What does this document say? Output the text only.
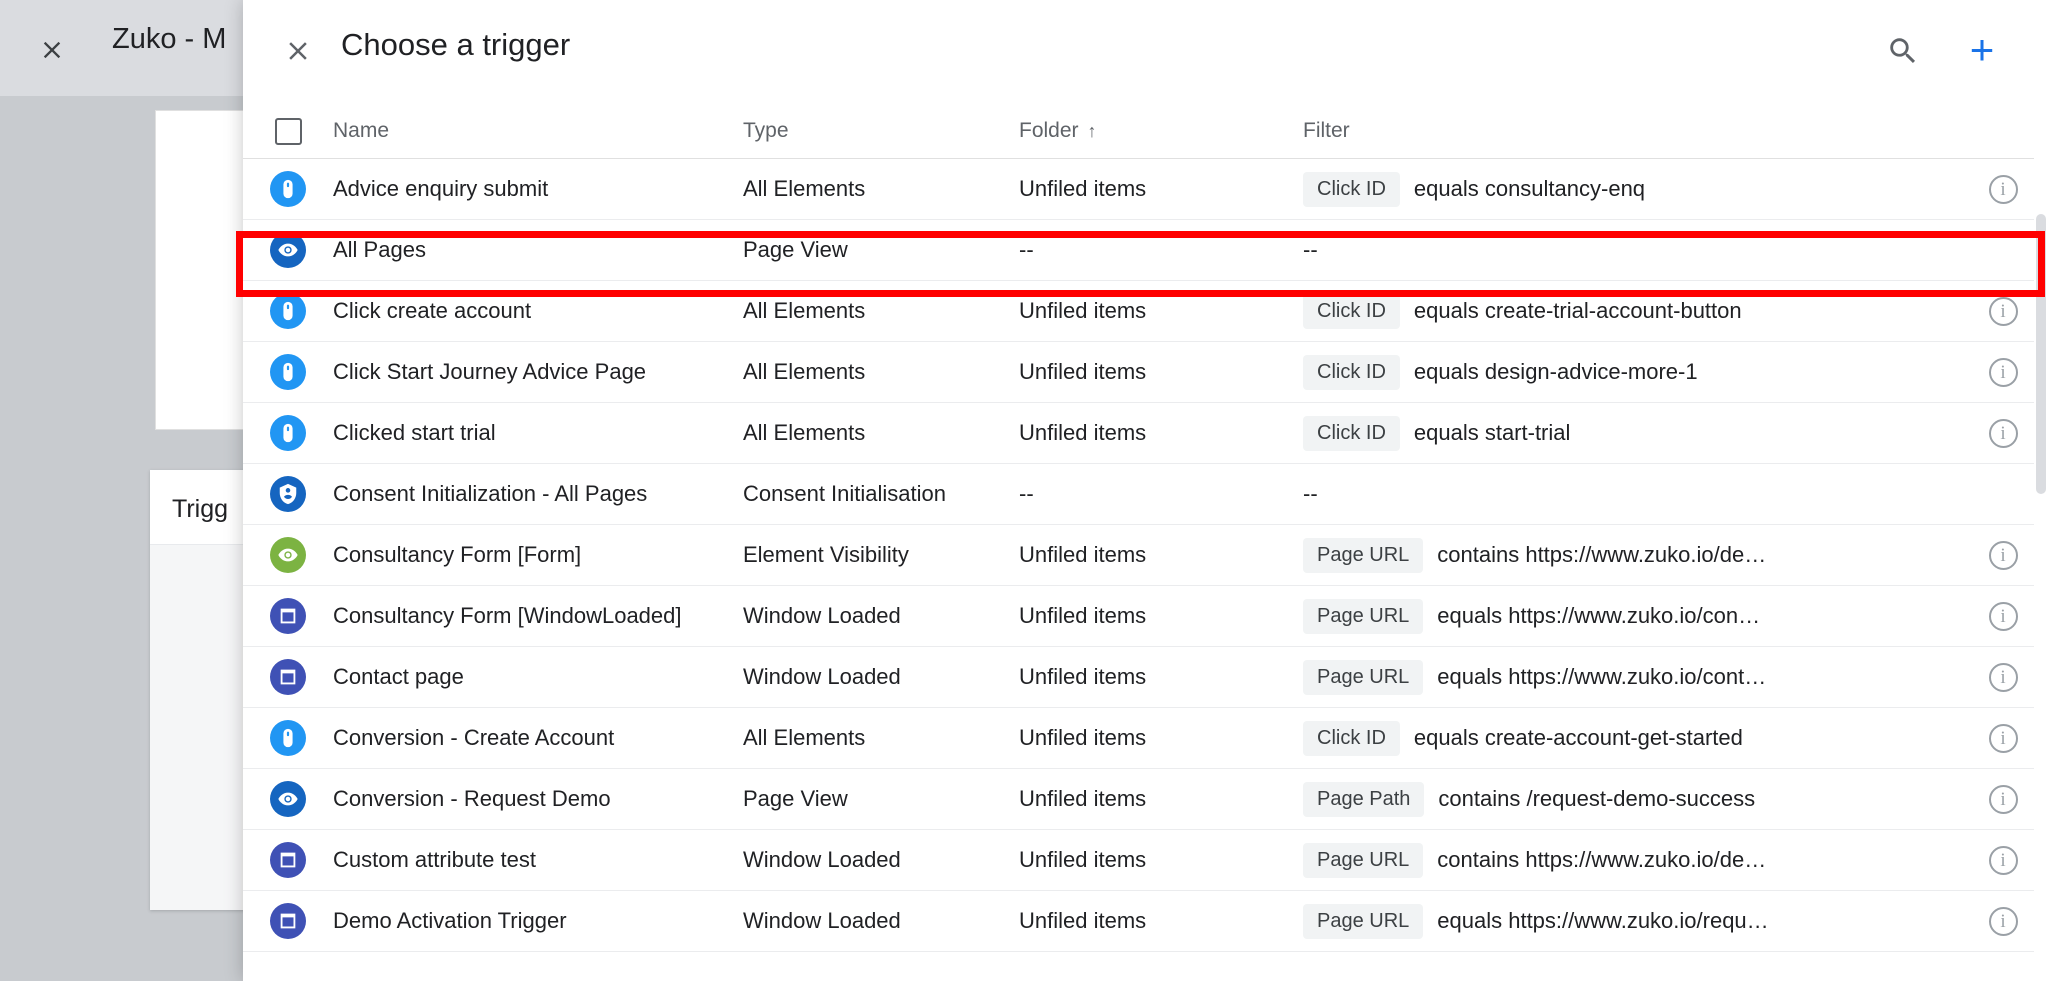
Zuko - M
Trigg
Choose a trigger	+
Name	Type	Folder ↑	Filter
Advice enquiry submit	All Elements	Unfiled items	Click ID	equals consultancy-enq	i
All Pages	Page View	--	--
Click create account	All Elements	Unfiled items	Click ID	equals create-trial-account-button	i
Click Start Journey Advice Page	All Elements	Unfiled items	Click ID	equals design-advice-more-1	i
Clicked start trial	All Elements	Unfiled items	Click ID	equals start-trial	i
Consent Initialization - All Pages	Consent Initialisation	--	--
Consultancy Form [Form]	Element Visibility	Unfiled items	Page URL	contains https://www.zuko.io/de…	i
Consultancy Form [WindowLoaded]	Window Loaded	Unfiled items	Page URL	equals https://www.zuko.io/con…	i
Contact page	Window Loaded	Unfiled items	Page URL	equals https://www.zuko.io/cont…	i
Conversion - Create Account	All Elements	Unfiled items	Click ID	equals create-account-get-started	i
Conversion - Request Demo	Page View	Unfiled items	Page Path	contains /request-demo-success	i
Custom attribute test	Window Loaded	Unfiled items	Page URL	contains https://www.zuko.io/de…	i
Demo Activation Trigger	Window Loaded	Unfiled items	Page URL	equals https://www.zuko.io/requ…	i
